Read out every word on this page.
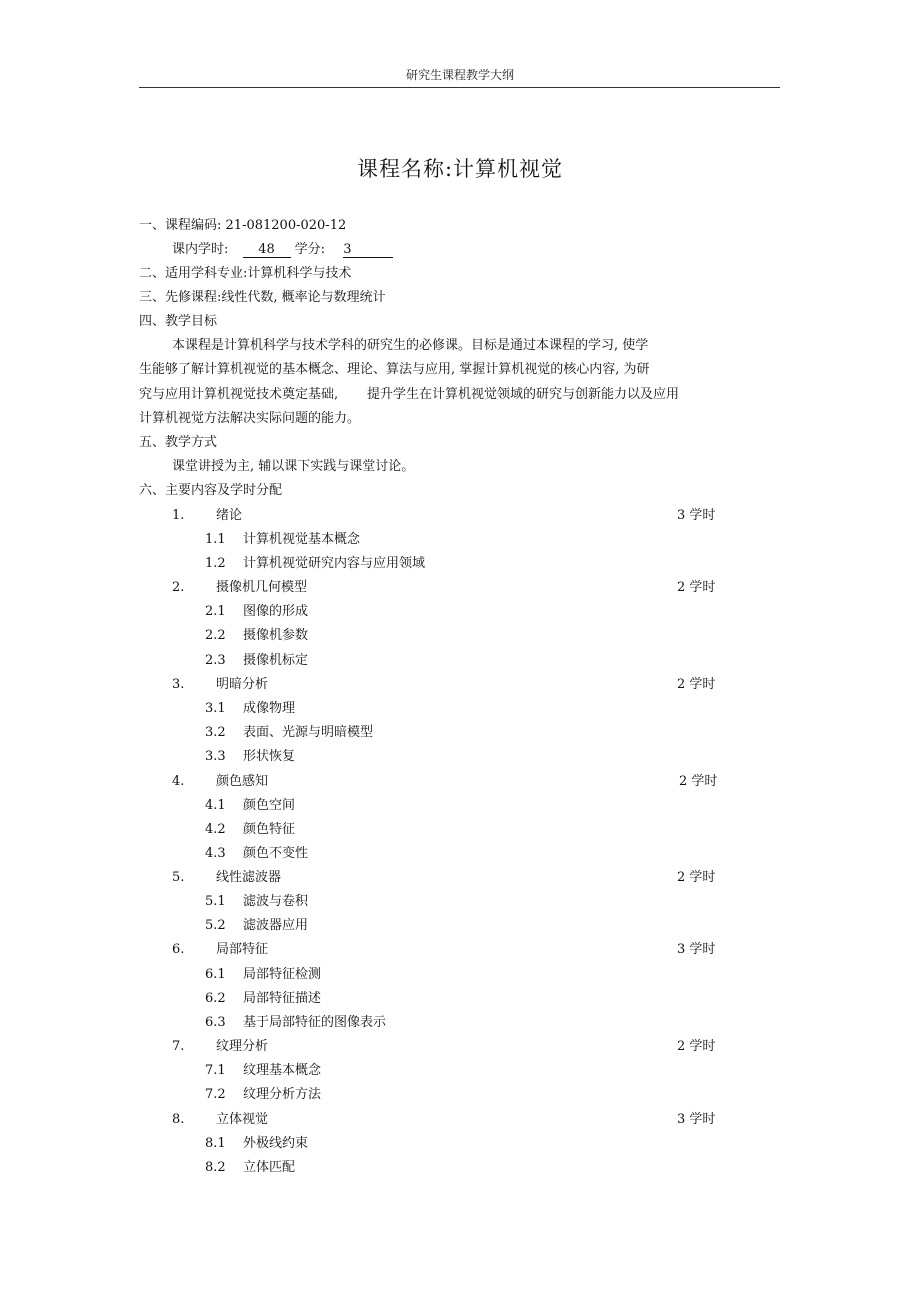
研究生课程教学大纲
课程名称:计算机视觉
一、课程编码: 21-081200-020-12
课内学时: 48 学分: 3
二、适用学科专业:计算机科学与技术
三、先修课程:线性代数, 概率论与数理统计
四、教学目标
本课程是计算机科学与技术学科的研究生的必修课。目标是通过本课程的学习, 使学
生能够了解计算机视觉的基本概念、理论、算法与应用, 掌握计算机视觉的核心内容, 为研
究与应用计算机视觉技术奠定基础,       提升学生在计算机视觉领域的研究与创新能力以及应用
计算机视觉方法解决实际问题的能力。
五、教学方式
课堂讲授为主, 辅以课下实践与课堂讨论。
六、主要内容及学时分配
1. 绪论	3 学时
1.1 计算机视觉基本概念
1.2 计算机视觉研究内容与应用领域
2. 摄像机几何模型	2 学时
2.1 图像的形成
2.2 摄像机参数
2.3 摄像机标定
3. 明暗分析	2 学时
3.1 成像物理
3.2 表面、光源与明暗模型
3.3 形状恢复
4. 颜色感知	2 学时
4.1 颜色空间
4.2 颜色特征
4.3 颜色不变性
5. 线性滤波器	2 学时
5.1 滤波与卷积
5.2 滤波器应用
6. 局部特征	3 学时
6.1 局部特征检测
6.2 局部特征描述
6.3 基于局部特征的图像表示
7. 纹理分析	2 学时
7.1 纹理基本概念
7.2 纹理分析方法
8. 立体视觉	3 学时
8.1 外极线约束
8.2 立体匹配
